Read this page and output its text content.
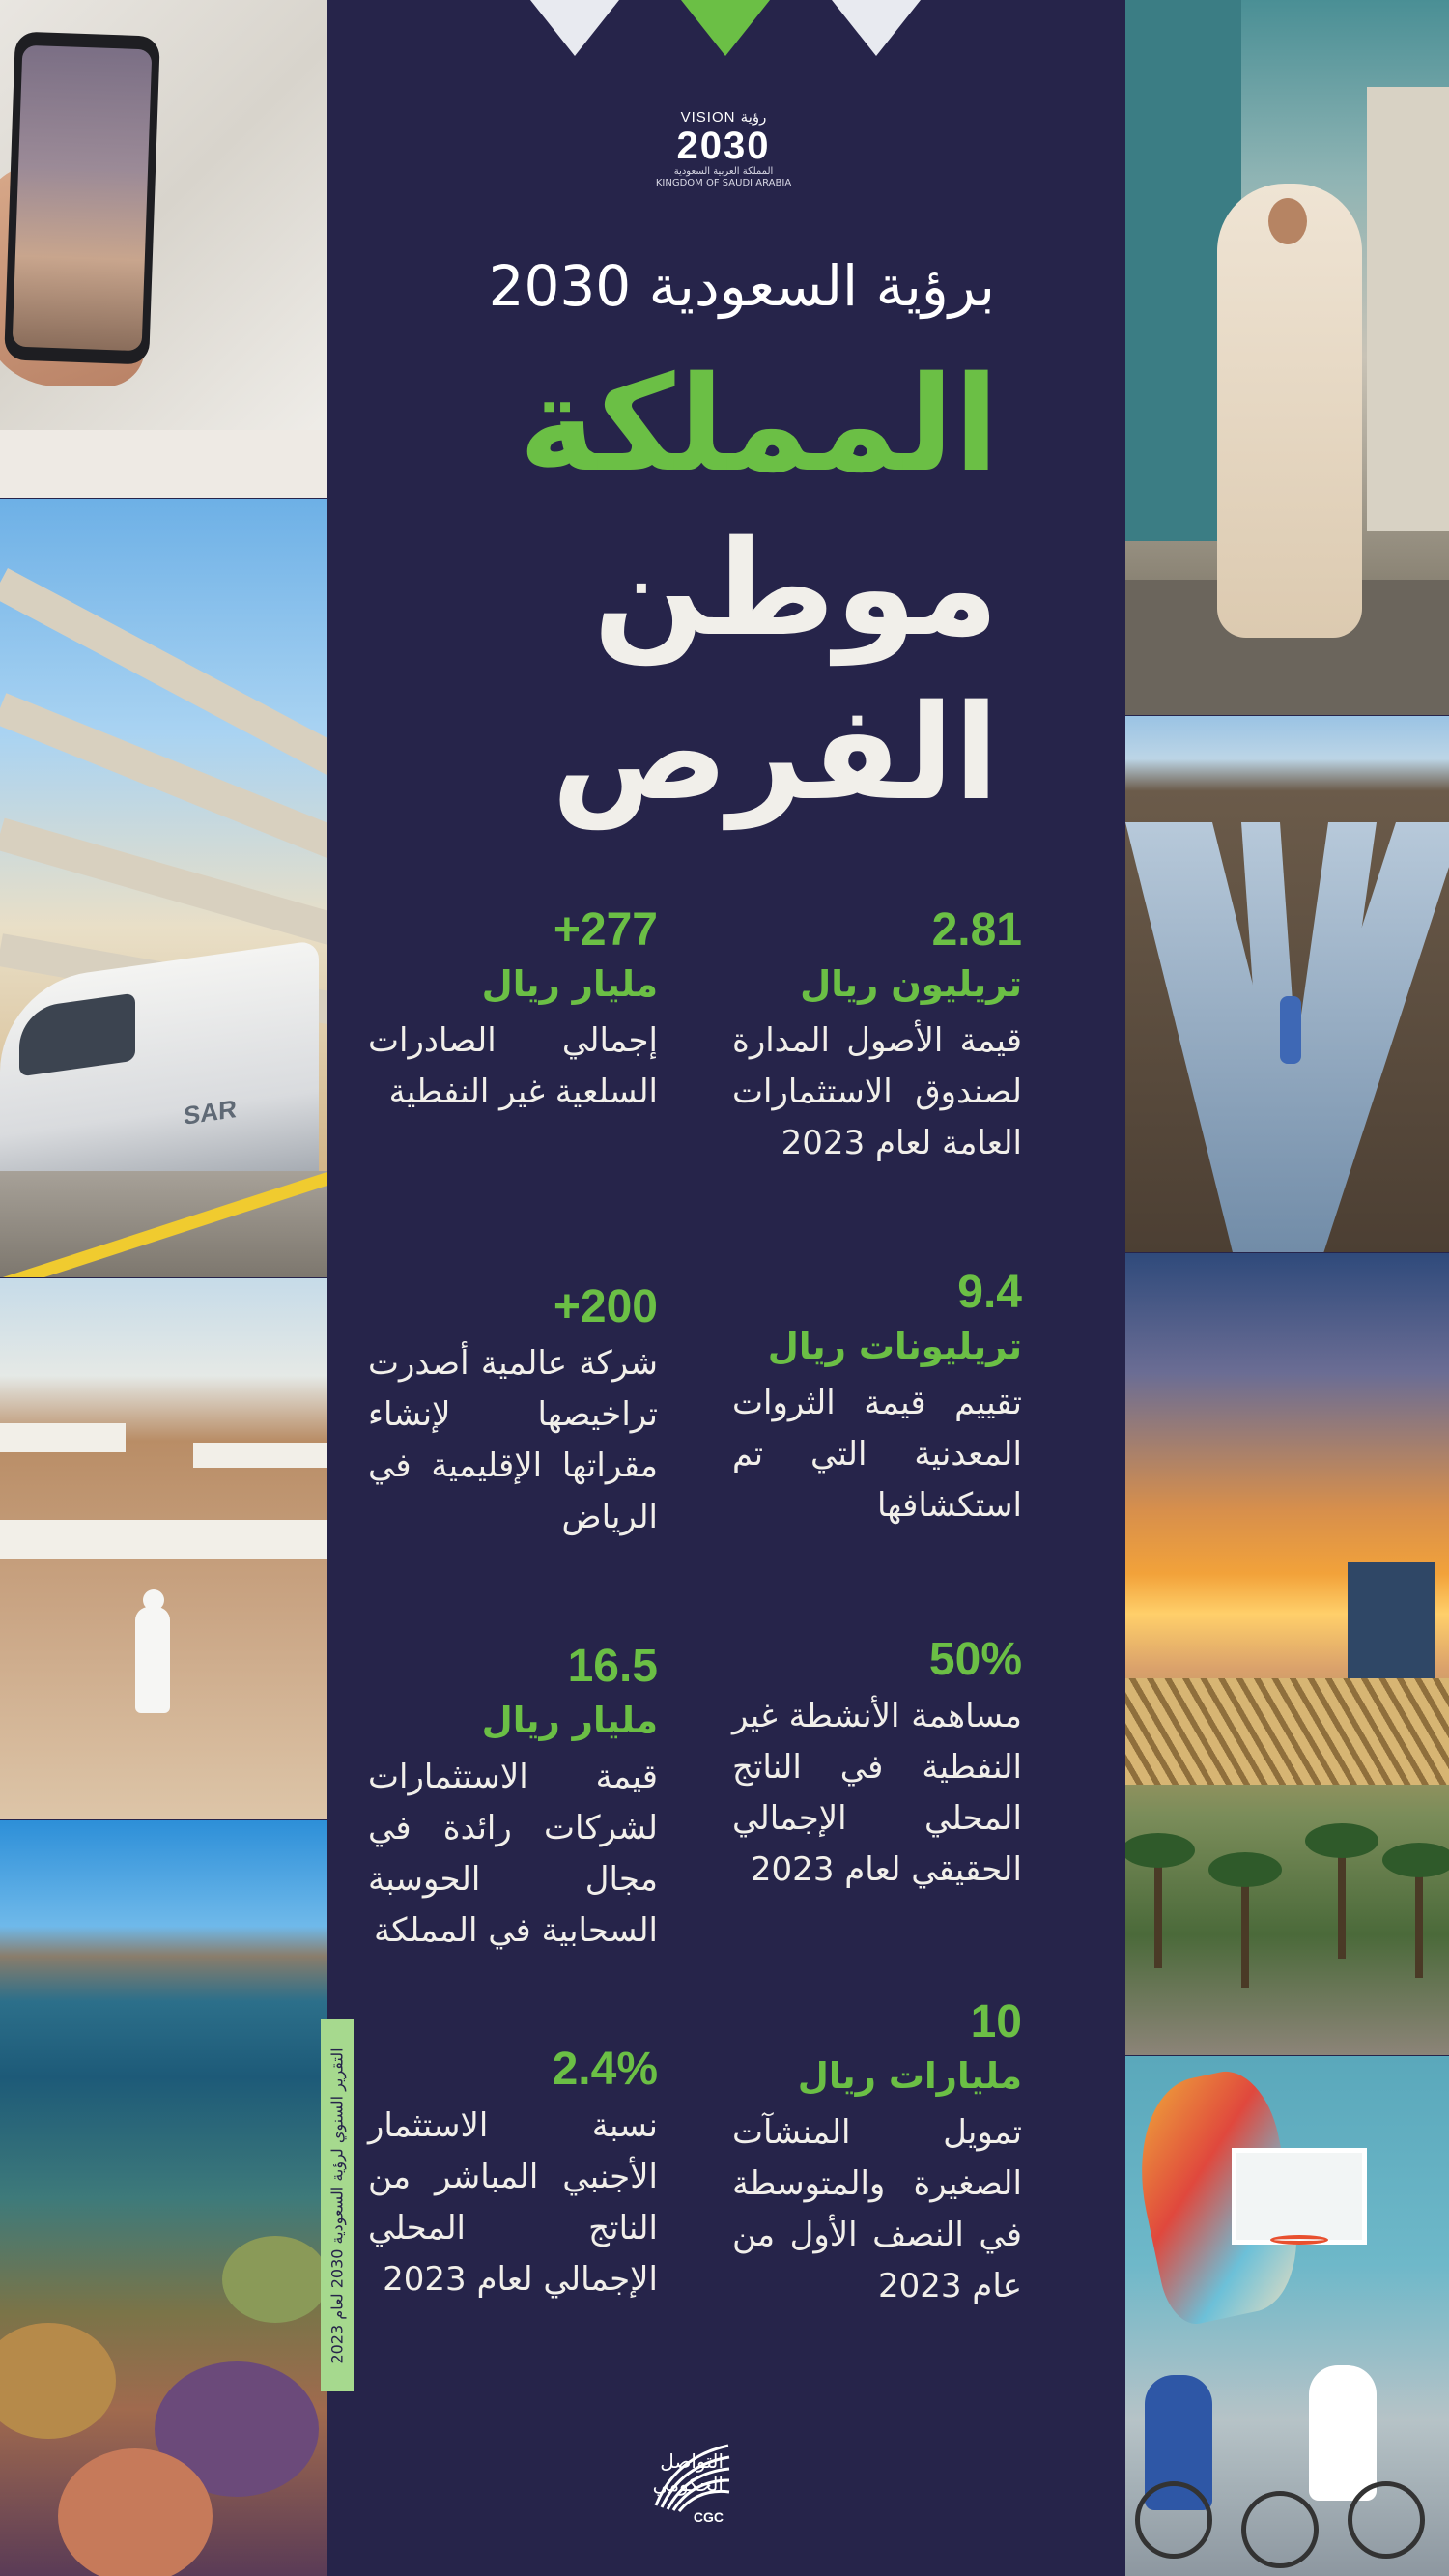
SAR
VISION رؤية
2030
المملكة العربية السعودية
KINGDOM OF SAUDI ARABIA
برؤية السعودية 2030
المملكة
موطن
الفرص
2.81
تريليون ريال
قيمة الأصول المدارة لصندوق الاستثمارات العامة لعام 2023
9.4
تريليونات ريال
تقييم قيمة الثروات المعدنية التي تم استكشافها
50%
مساهمة الأنشطة غير النفطية في الناتج المحلي الإجمالي الحقيقي لعام 2023
10
مليارات ريال
تمويل المنشآت الصغيرة والمتوسطة في النصف الأول من عام 2023
+277
مليار ريال
إجمالي الصادرات السلعية غير النفطية
+200
شركة عالمية أصدرت تراخيصها لإنشاء مقراتها الإقليمية في الرياض
16.5
مليار ريال
قيمة الاستثمارات لشركات رائدة في مجال الحوسبة السحابية في المملكة
2.4%
نسبة الاستثمار الأجنبي المباشر من الناتج المحلي الإجمالي لعام 2023
التقرير السنوي لرؤية السعودية 2030 لعام 2023
التواصل
الحكومي
CGC
